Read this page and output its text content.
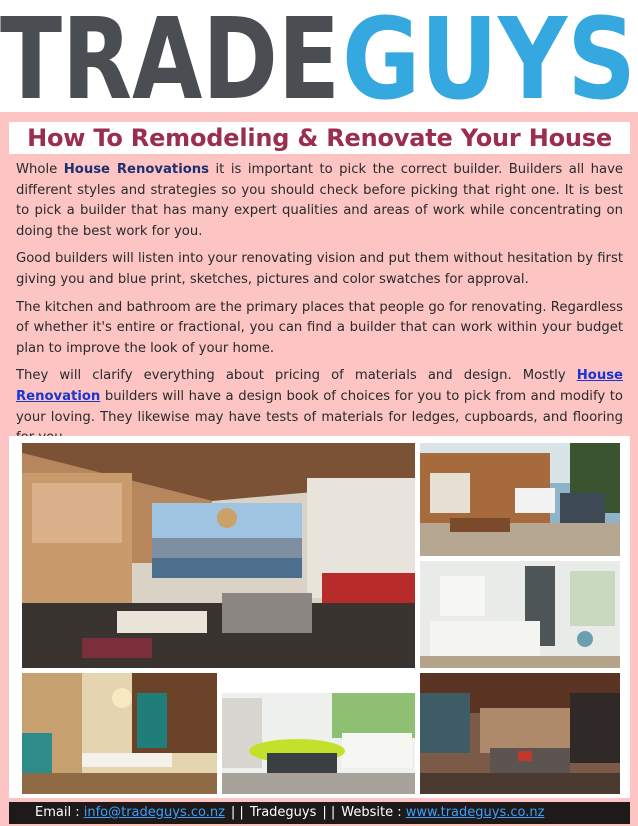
TRADE GUYS
How To Remodeling & Renovate Your House

Whole House Renovations it is important to pick the correct builder. Builders all have different styles and strategies so you should check before picking that right one. It is best to pick a builder that has many expert qualities and areas of work while concentrating on doing the best work for you.

Good builders will listen into your renovating vision and put them without hesitation by first giving you and blue print, sketches, pictures and color swatches for approval.

The kitchen and bathroom are the primary places that people go for renovating. Regardless of whether it's entire or fractional, you can find a builder that can work within your budget plan to improve the look of your home.

They will clarify everything about pricing of materials and design. Mostly House Renovation builders will have a design book of choices for you to pick from and modify to your loving. They likewise may have tests of materials for ledges, cupboards, and flooring

Email : info@tradeguys.co.nz | | Tradeguys | | Website : www.tradeguys.co.nz
